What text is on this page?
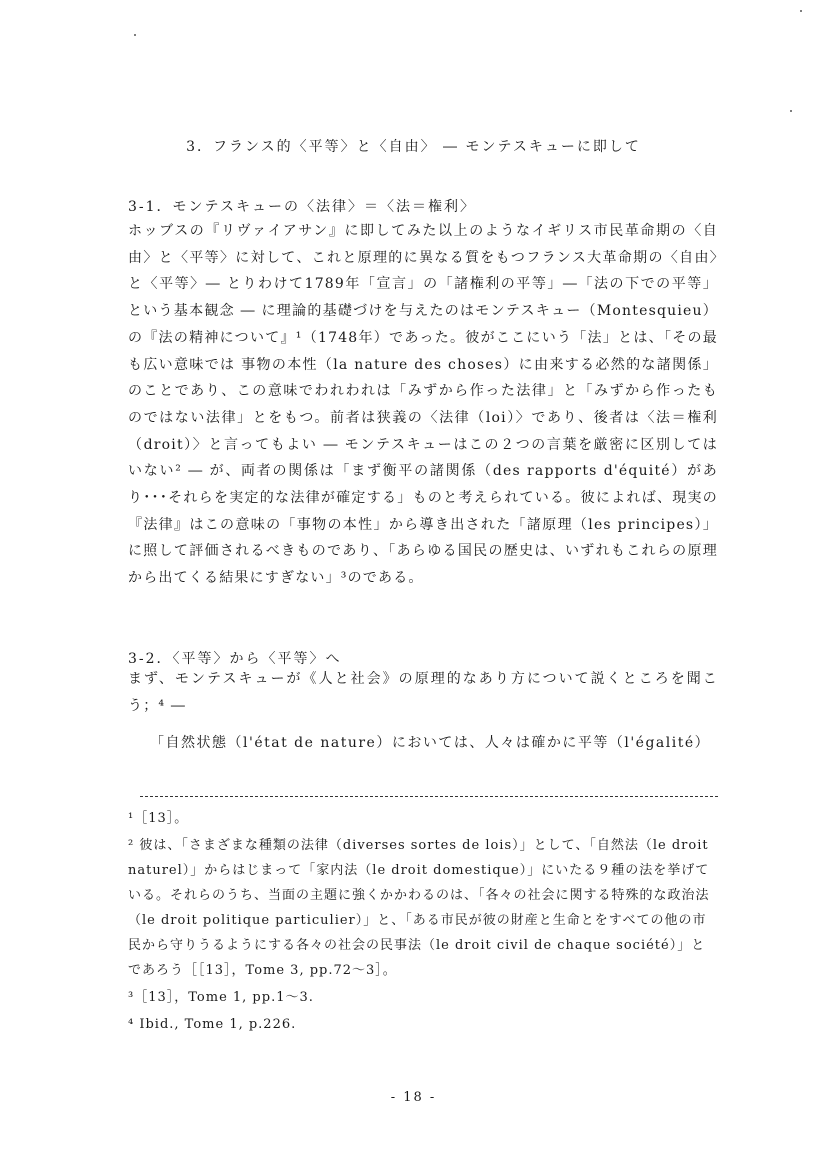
3．フランス的〈平等〉と〈自由〉 ― モンテスキューに即して
3-1．モンテスキューの〈法律〉＝〈法＝権利〉

ホッブスの『リヴァイアサン』に即してみた以上のようなイギリス市民革命期の〈自由〉と〈平等〉に対して、これと原理的に異なる質をもつフランス大革命期の〈自由〉と〈平等〉― とりわけて1789年「宣言」の「諸権利の平等」―「法の下での平等」という基本観念 ― に理論的基礎づけを与えたのはモンテスキュー（Montesquieu）の『法の精神について』¹（1748年）であった。彼がここにいう「法」とは、「その最も広い意味では 事物の本性（la nature des choses）に由来する必然的な諸関係」のことであり、この意味でわれわれは「みずから作った法律」と「みずから作ったものではない法律」とをもつ。前者は狭義の〈法律（loi）〉であり、後者は〈法＝権利（droit）〉と言ってもよい ― モンテスキューはこの２つの言葉を厳密に区別してはいない² ― が、両者の関係は「まず衡平の諸関係（des rapports d'équité）があり･･･それらを実定的な法律が確定する」ものと考えられている。彼によれば、現実の『法律』はこの意味の「事物の本性」から導き出された「諸原理（les principes）」に照して評価されるべきものであり、「あらゆる国民の歴史は、いずれもこれらの原理から出てくる結果にすぎない」³のである。

3-2．〈平等〉から〈平等〉へ

まず、モンテスキューが《人と社会》の原理的なあり方について説くところを聞こう；⁴ ―

「自然状態（l'état de nature）においては、人々は確かに平等（l'égalité）

¹［13］。

² 彼は、「さまざまな種類の法律（diverses sortes de lois）」として、「自然法（le droit naturel）」からはじまって「家内法（le droit domestique）」にいたる９種の法を挙げている。それらのうち、当面の主題に強くかかわるのは、「各々の社会に関する特殊的な政治法（le droit politique particulier）」と、「ある市民が彼の財産と生命とをすべての他の市民から守りうるようにする各々の社会の民事法（le droit civil de chaque société）」とであろう［［13］，Tome 3, pp.72～3］。

³［13］，Tome 1, pp.1～3.

⁴ Ibid., Tome 1, p.226.

- 18 -
